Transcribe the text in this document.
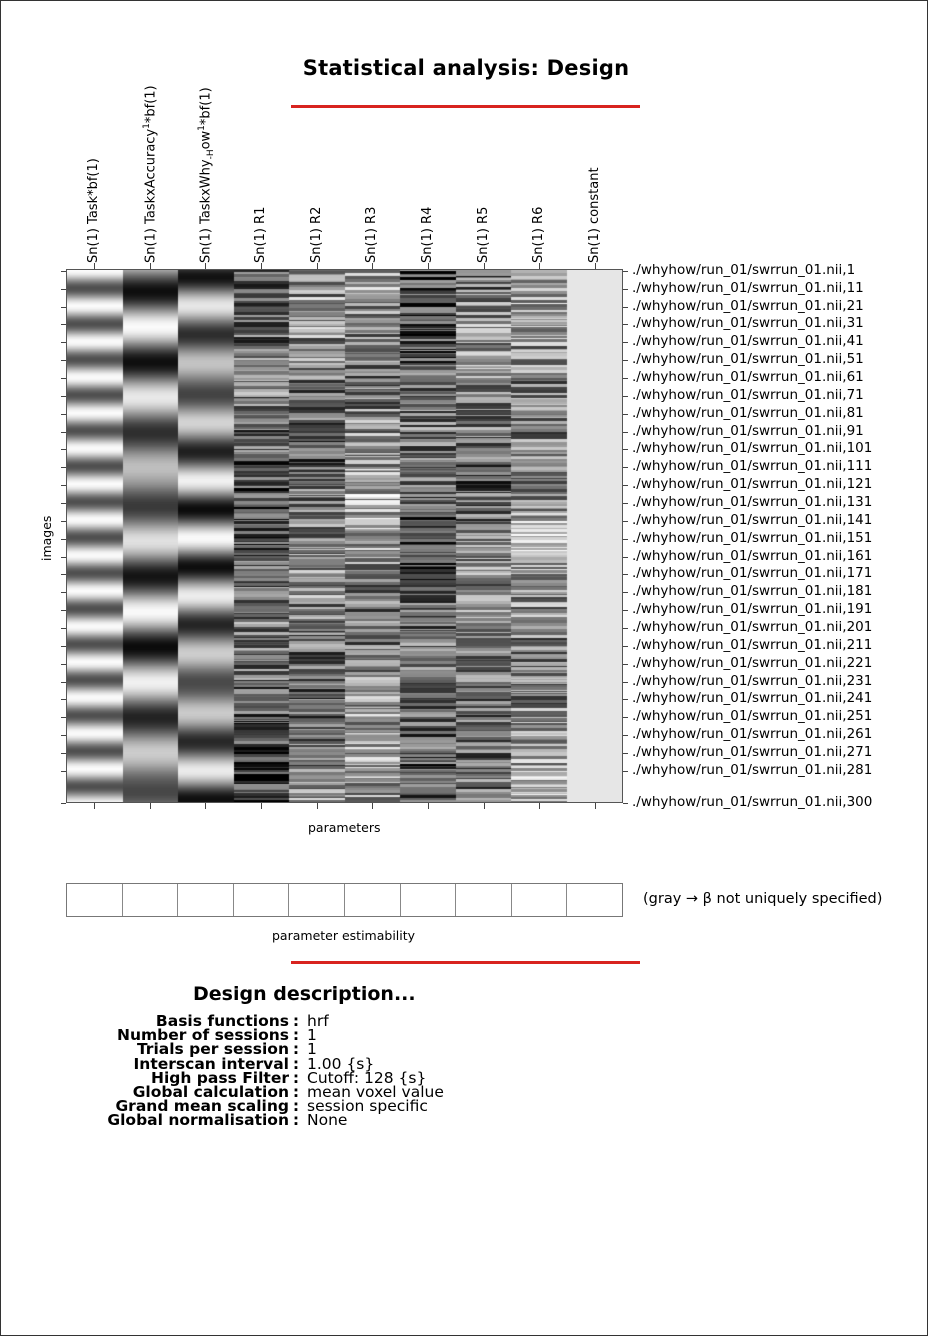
Statistical analysis: Design
Sn(1) Task*bf(1)	Sn(1) TaskxAccuracy$^1$*bf(1)
Sn(1) $TaskxWhy_{-H}ow^1*bf(1)$
Sn(1) R1	Sn(1) R2	Sn(1) R3	Sn(1) R4	Sn(1) R5	Sn(1) R6	Sn(1) constant
./whyhow/run_01/swrrun_01.nii,1
./whyhow/run_01/swrrun_01.nii,11
./whyhow/run_01/swrrun_01.nii,21
./whyhow/run_01/swrrun_01.nii,31
./whyhow/run_01/swrrun_01.nii,41
./whyhow/run_01/swrrun_01.nii,51
./whyhow/run_01/swrrun_01.nii,61
./whyhow/run_01/swrrun_01.nii,71
./whyhow/run_01/swrrun_01.nii,81
./whyhow/run_01/swrrun_01.nii,91
./whyhow/run_01/swrrun_01.nii,101
./whyhow/run_01/swrrun_01.nii,111
./whyhow/run_01/swrrun_01.nii,121
./whyhow/run_01/swrrun_01.nii,131
./whyhow/run_01/swrrun_01.nii,141
./whyhow/run_01/swrrun_01.nii,151
./whyhow/run_01/swrrun_01.nii,161
./whyhow/run_01/swrrun_01.nii,171
./whyhow/run_01/swrrun_01.nii,181
./whyhow/run_01/swrrun_01.nii,191
./whyhow/run_01/swrrun_01.nii,201
./whyhow/run_01/swrrun_01.nii,211
./whyhow/run_01/swrrun_01.nii,221
./whyhow/run_01/swrrun_01.nii,231
./whyhow/run_01/swrrun_01.nii,241
./whyhow/run_01/swrrun_01.nii,251
./whyhow/run_01/swrrun_01.nii,261
./whyhow/run_01/swrrun_01.nii,271
./whyhow/run_01/swrrun_01.nii,281
./whyhow/run_01/swrrun_01.nii,300
images
parameters
parameter estimability
(gray → β not uniquely specified)
Design description...
Basis functions : hrf
Number of sessions : 1
Trials per session : 1
Interscan interval : 1.00 {s}
High pass Filter : Cutoff: 128 {s}
Global calculation : mean voxel value
Grand mean scaling : session specific
Global normalisation : None
